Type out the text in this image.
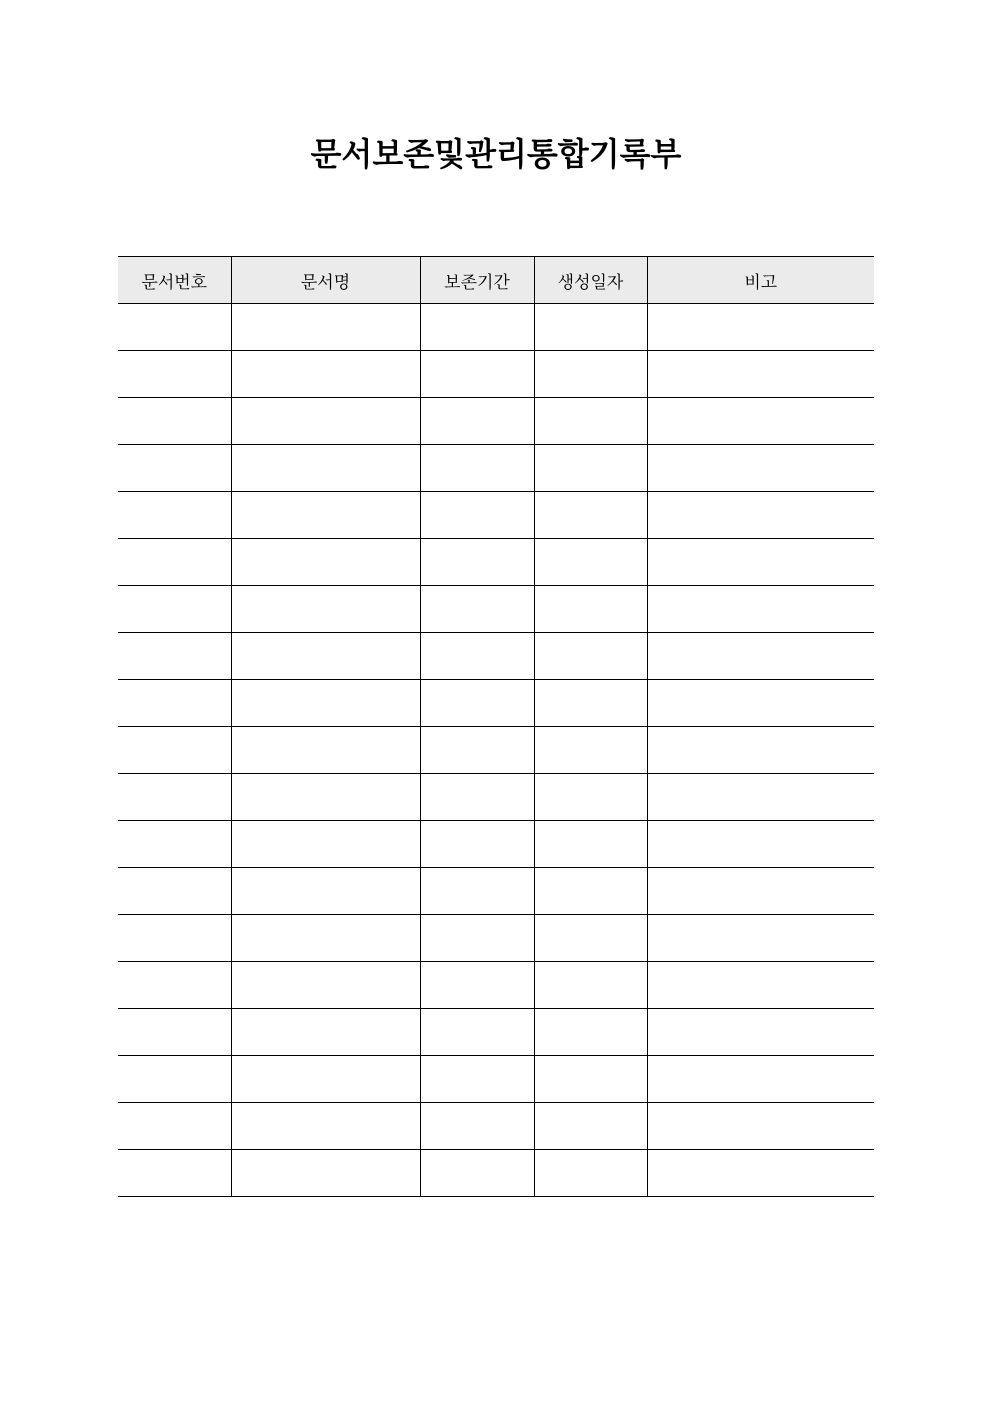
문서보존및관리통합기록부
문서번호	문서명	보존기간	생성일자	비고
